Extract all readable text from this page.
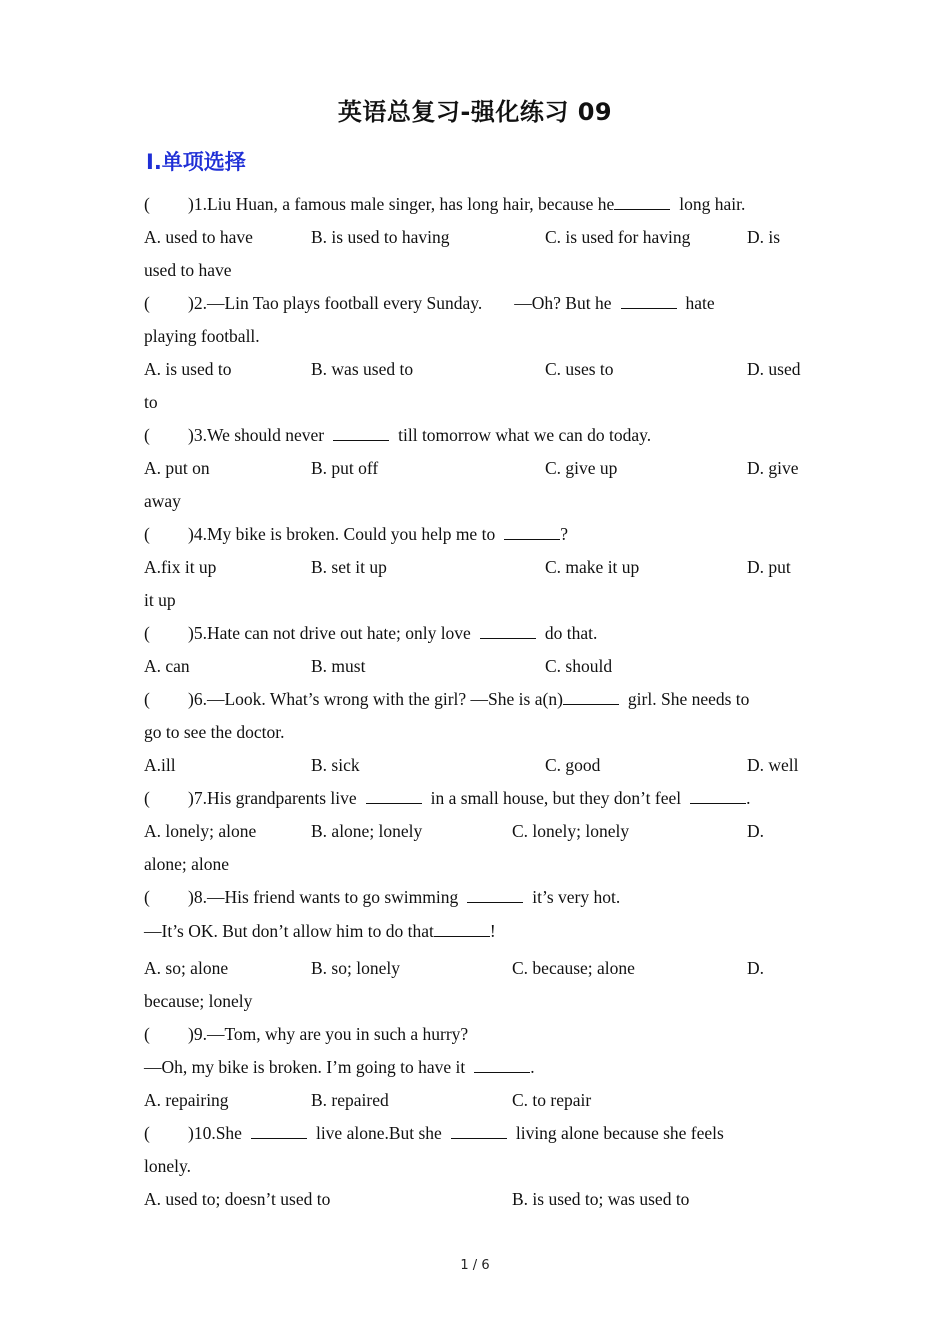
英语总复习-强化练习 09
Ⅰ.单项选择
( )1.Liu Huan, a famous male singer, has long hair, because he	long hair.
A. used to have	B. is used to having	C. is used for having	D. is
used to have
( )2.—Lin Tao plays football every Sunday. —Oh? But he	hate
playing football.
A. is used to	B. was used to	C. uses to	D. used
to
( )3.We should never	till tomorrow what we can do today.
A. put on	B. put off	C. give up	D. give
away
( )4.My bike is broken. Could you help me to	?
A.fix it up	B. set it up	C. make it up	D. put
it up
( )5.Hate can not drive out hate; only love	do that.
A. can	B. must	C. should
( )6.—Look. What’s wrong with the girl? —She is a(n)	girl. She needs to
go to see the doctor.
A.ill	B. sick	C. good	D. well
( )7.His grandparents live	in a small house, but they don’t feel	.
A. lonely; alone	B. alone; lonely	C. lonely; lonely	D.
alone; alone
( )8.—His friend wants to go swimming	it’s very hot.
—It’s OK. But don’t allow him to do that	!
A. so; alone	B. so; lonely	C. because; alone	D.
because; lonely
( )9.—Tom, why are you in such a hurry?
—Oh, my bike is broken. I’m going to have it	.
A. repairing	B. repaired	C. to repair
( )10.She	live alone.But she	living alone because she feels
lonely.
A. used to; doesn’t used to	B. is used to; was used to
1 / 6
